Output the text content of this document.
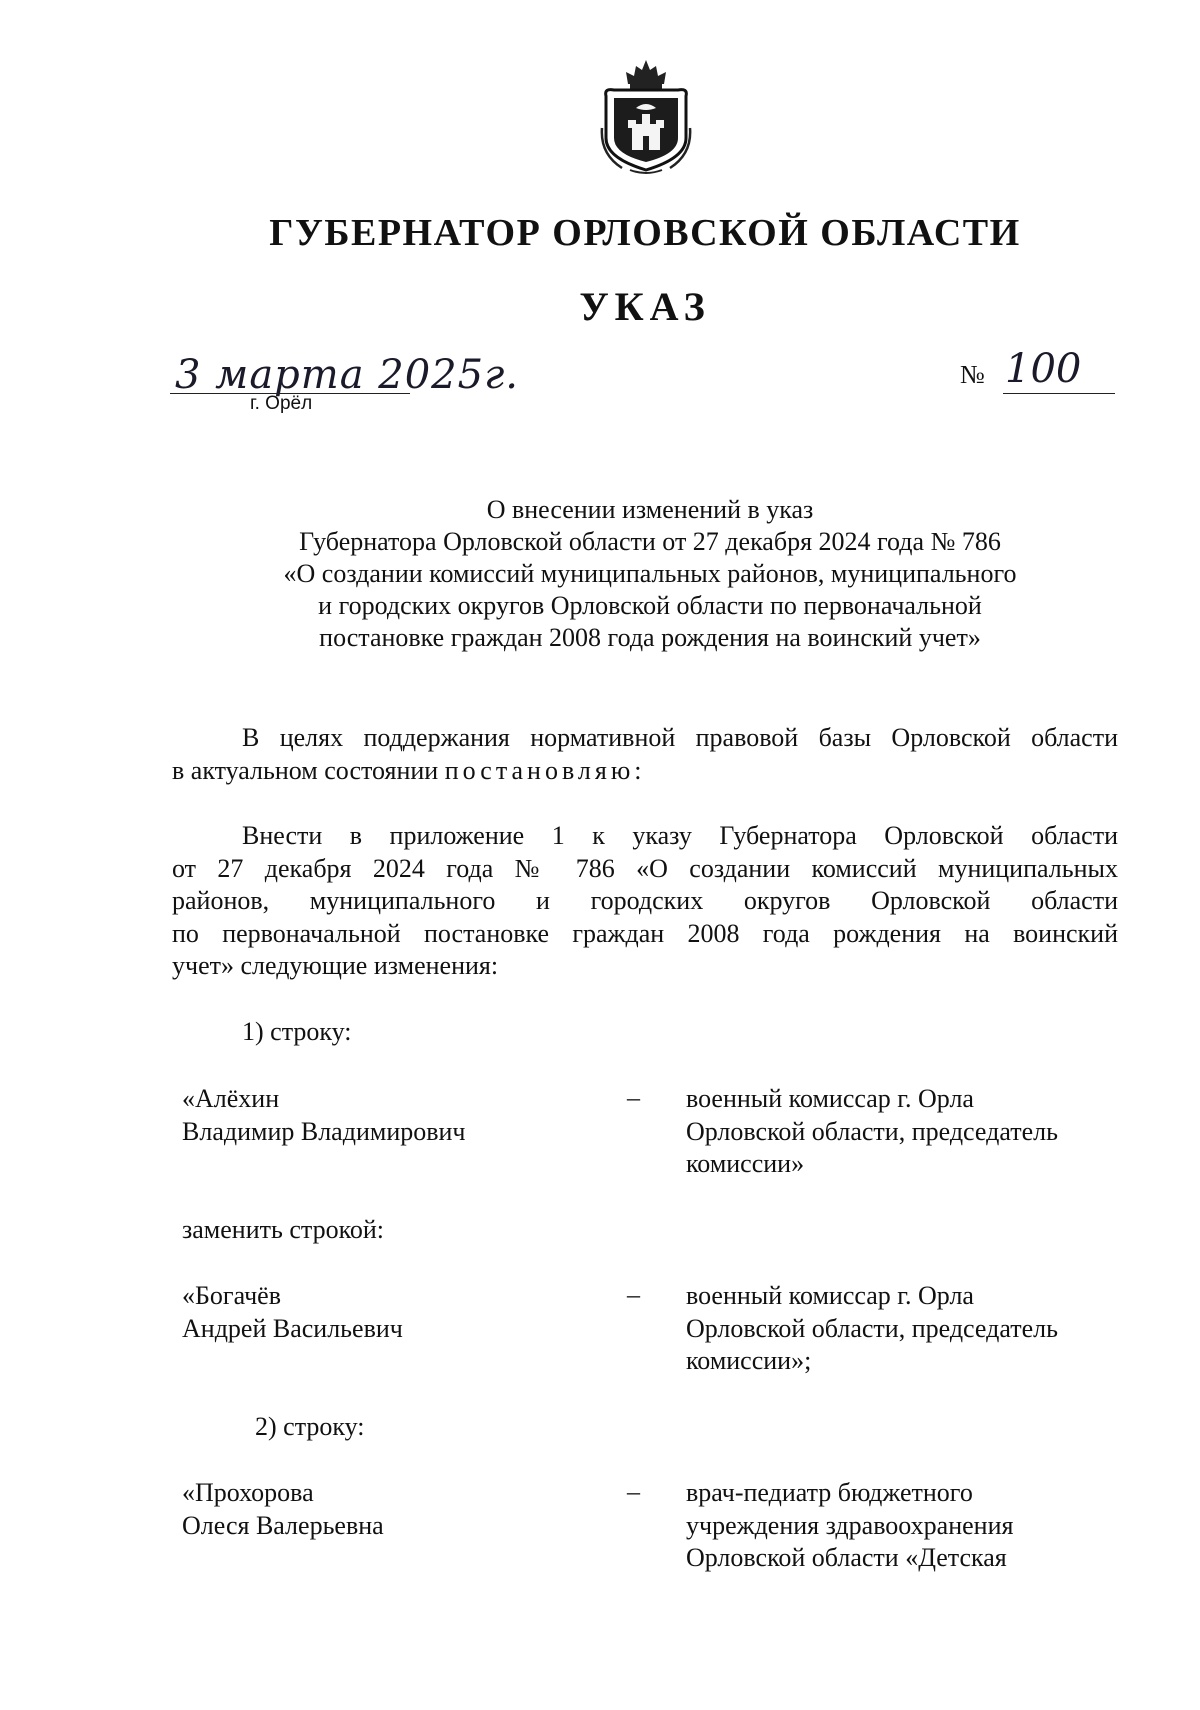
ГУБЕРНАТОР ОРЛОВСКОЙ ОБЛАСТИ
УКАЗ
3 марта 2025г.
г. Орёл
№ 100
О внесении изменений в указ
Губернатора Орловской области от 27 декабря 2024 года № 786
«О создании комиссий муниципальных районов, муниципального
и городских округов Орловской области по первоначальной
постановке граждан 2008 года рождения на воинский учет»
В целях поддержания нормативной правовой базы Орловской области
в актуальном состоянии постановляю:
Внести в приложение 1 к указу Губернатора Орловской области
от 27 декабря 2024 года № 786 «О создании комиссий муниципальных
районов, муниципального и городских округов Орловской области
по первоначальной постановке граждан 2008 года рождения на воинский
учет» следующие изменения:
1) строку:
«Алёхин
Владимир Владимирович
– военный комиссар г. Орла
Орловской области, председатель
комиссии»
заменить строкой:
«Богачёв
Андрей Васильевич
– военный комиссар г. Орла
Орловской области, председатель
комиссии»;
2) строку:
«Прохорова
Олеся Валерьевна
– врач-педиатр бюджетного
учреждения здравоохранения
Орловской области «Детская
